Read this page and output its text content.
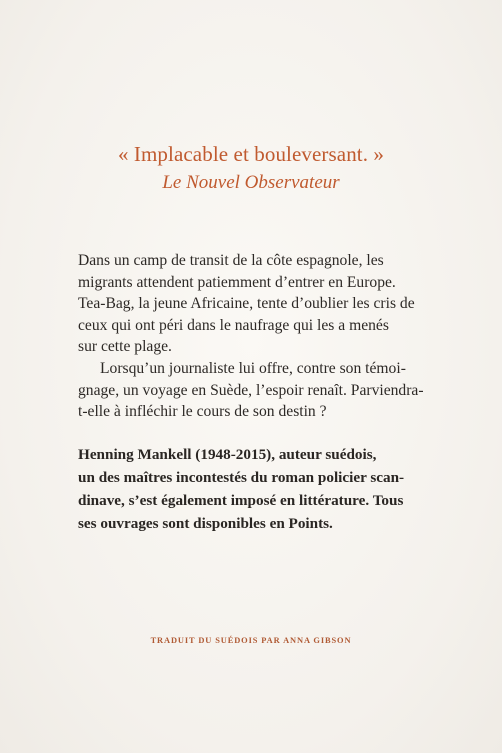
« Implacable et bouleversant. »

Le Nouvel Observateur

Dans un camp de transit de la côte espagnole, les
migrants attendent patiemment d’entrer en Europe.
Tea-Bag, la jeune Africaine, tente d’oublier les cris de
ceux qui ont péri dans le naufrage qui les a menés
sur cette plage.
Lorsqu’un journaliste lui offre, contre son témoi-
gnage, un voyage en Suède, l’espoir renaît. Parviendra-
t-elle à infléchir le cours de son destin ?

Henning Mankell (1948-2015), auteur suédois,
un des maîtres incontestés du roman policier scan-
dinave, s’est également imposé en littérature. Tous
ses ouvrages sont disponibles en Points.

TRADUIT DU SUÉDOIS PAR ANNA GIBSON
